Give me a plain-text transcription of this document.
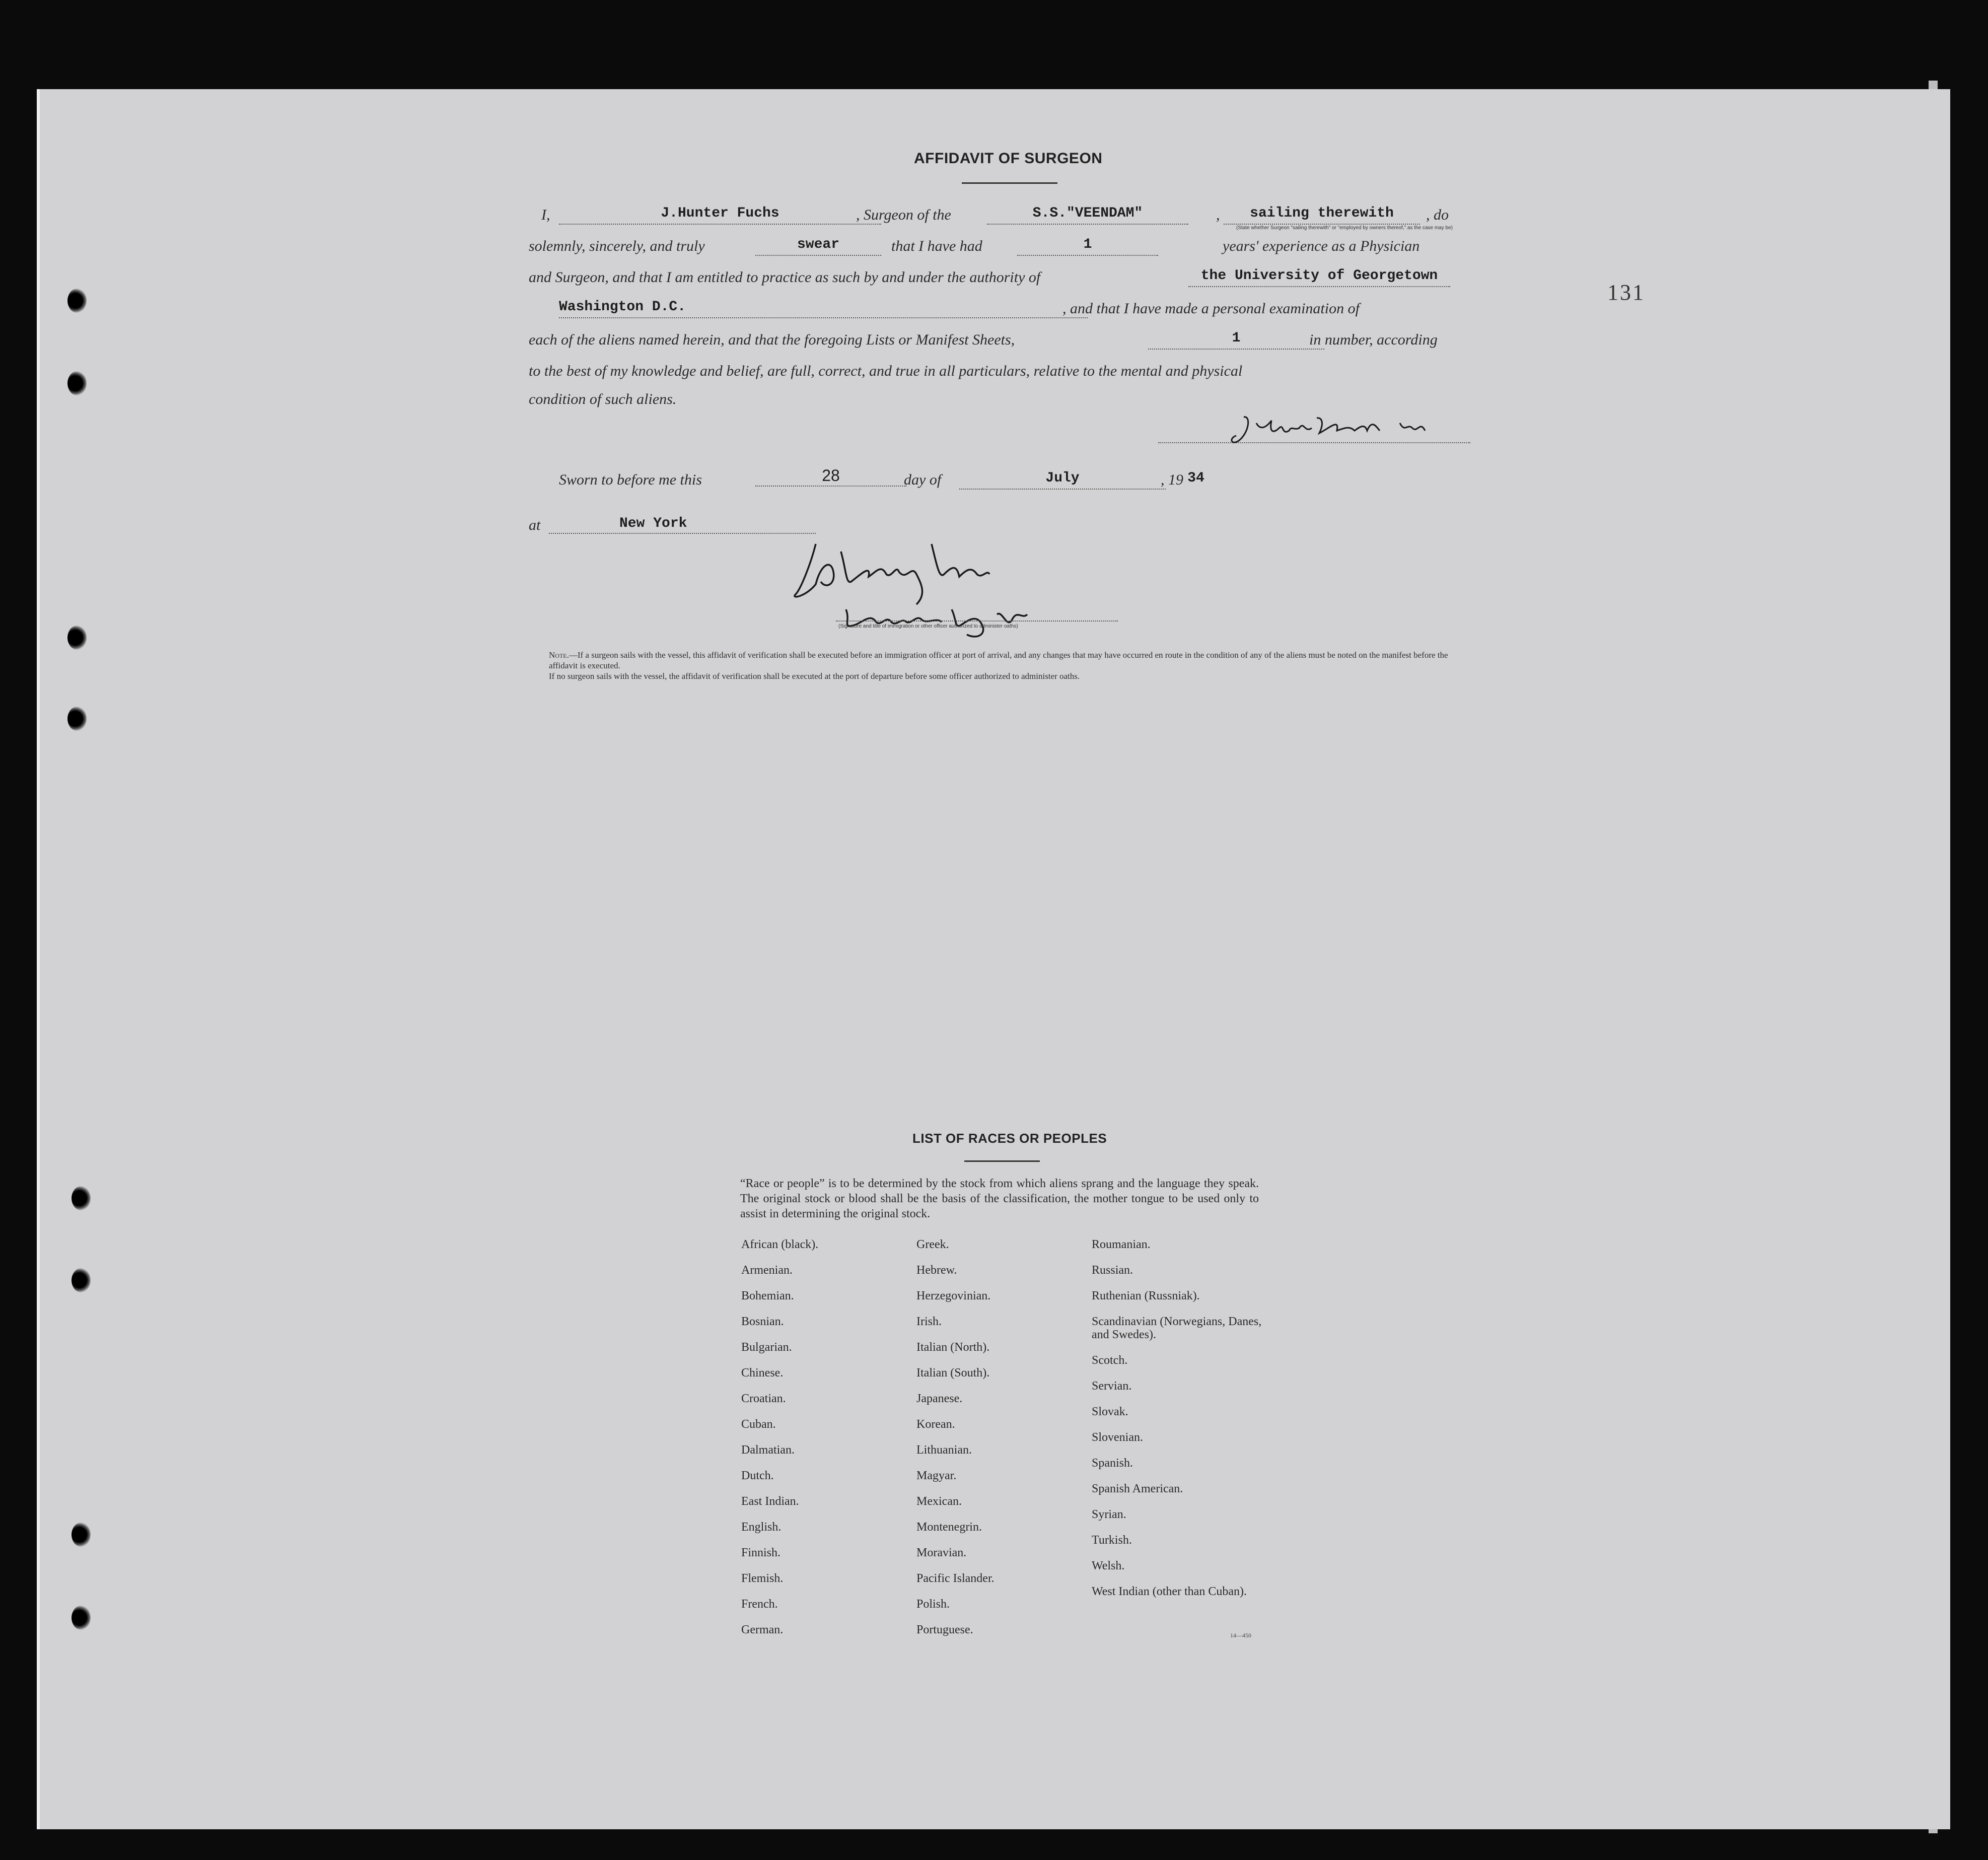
AFFIDAVIT OF SURGEON
131
I,	J.Hunter Fuchs	, Surgeon of the	S.S."VEENDAM"	,	sailing therewith	, do
(State whether Surgeon "sailing therewith" or "employed by owners thereof," as the case may be)
solemnly, sincerely, and truly	swear	that I have had	1	years' experience as a Physician
and Surgeon, and that I am entitled to practice as such by and under the authority of	the University of Georgetown
Washington D.C.	, and that I have made a personal examination of
each of the aliens named herein, and that the foregoing Lists or Manifest Sheets,	1	in number, according
to the best of my knowledge and belief, are full, correct, and true in all particulars, relative to the mental and physical
condition of such aliens.
Sworn to before me this	28	day of	July	, 19 34
at	New York
(Signature and title of immigration or other officer authorized to administer oaths)
Note.—If a surgeon sails with the vessel, this affidavit of verification shall be executed before an immigration officer at port of arrival, and any changes that may have occurred en route in the condition of any of the aliens must be noted on the manifest before the affidavit is executed.
If no surgeon sails with the vessel, the affidavit of verification shall be executed at the port of departure before some officer authorized to administer oaths.
LIST OF RACES OR PEOPLES
“Race or people” is to be determined by the stock from which aliens sprang and the language they speak. The original stock or blood shall be the basis of the classification, the mother tongue to be used only to assist in determining the original stock.
African (black).
Armenian.
Bohemian.
Bosnian.
Bulgarian.
Chinese.
Croatian.
Cuban.
Dalmatian.
Dutch.
East Indian.
English.
Finnish.
Flemish.
French.
German.
Greek.
Hebrew.
Herzegovinian.
Irish.
Italian (North).
Italian (South).
Japanese.
Korean.
Lithuanian.
Magyar.
Mexican.
Montenegrin.
Moravian.
Pacific Islander.
Polish.
Portuguese.
Roumanian.
Russian.
Ruthenian (Russniak).
Scandinavian (Norwegians, Danes, and Swedes).
Scotch.
Servian.
Slovak.
Slovenian.
Spanish.
Spanish American.
Syrian.
Turkish.
Welsh.
West Indian (other than Cuban).
14—450
